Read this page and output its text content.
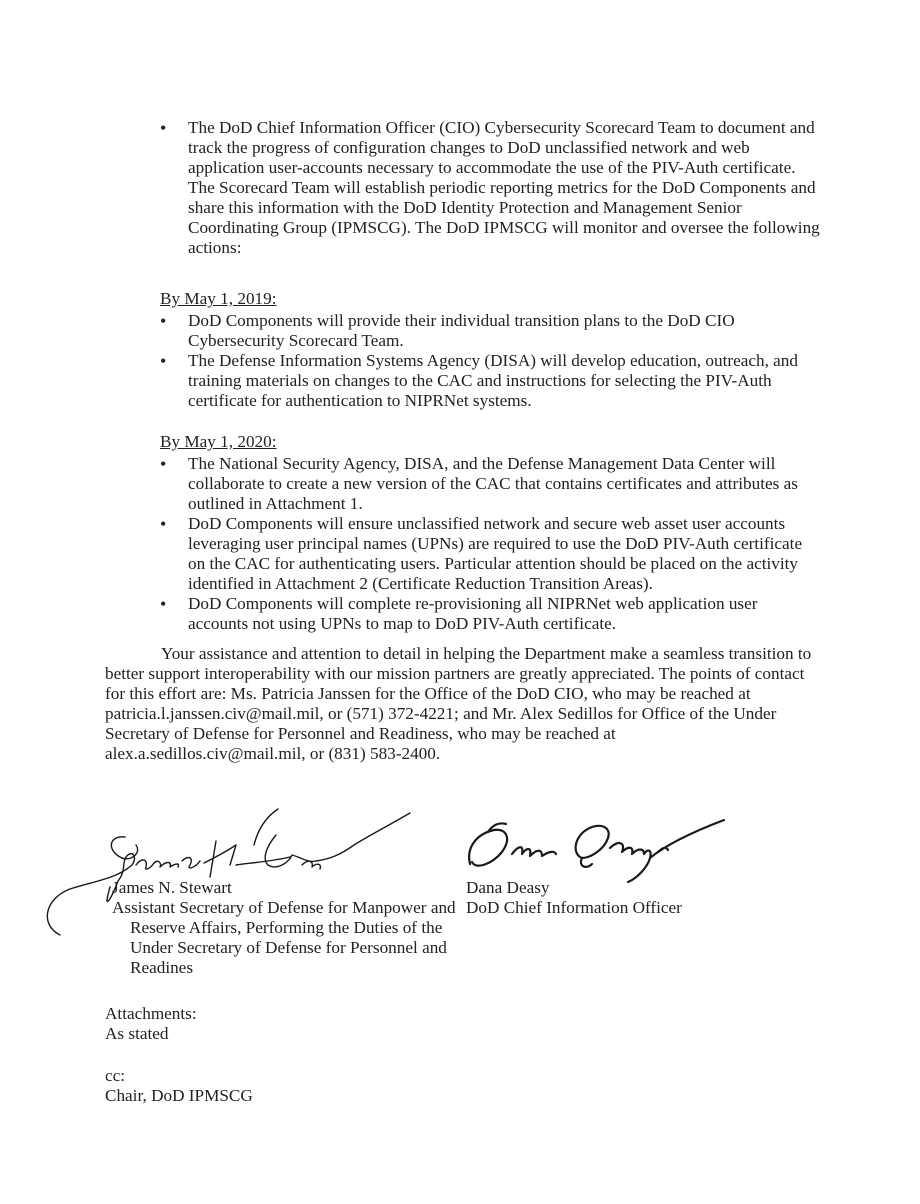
• The DoD Chief Information Officer (CIO) Cybersecurity Scorecard Team to document and track the progress of configuration changes to DoD unclassified network and web application user-accounts necessary to accommodate the use of the PIV-Auth certificate. The Scorecard Team will establish periodic reporting metrics for the DoD Components and share this information with the DoD Identity Protection and Management Senior Coordinating Group (IPMSCG). The DoD IPMSCG will monitor and oversee the following actions:

By May 1, 2019:

• DoD Components will provide their individual transition plans to the DoD CIO Cybersecurity Scorecard Team.
• The Defense Information Systems Agency (DISA) will develop education, outreach, and training materials on changes to the CAC and instructions for selecting the PIV-Auth certificate for authentication to NIPRNet systems.

By May 1, 2020:

• The National Security Agency, DISA, and the Defense Management Data Center will collaborate to create a new version of the CAC that contains certificates and attributes as outlined in Attachment 1.
• DoD Components will ensure unclassified network and secure web asset user accounts leveraging user principal names (UPNs) are required to use the DoD PIV-Auth certificate on the CAC for authenticating users. Particular attention should be placed on the activity identified in Attachment 2 (Certificate Reduction Transition Areas).
• DoD Components will complete re-provisioning all NIPRNet web application user accounts not using UPNs to map to DoD PIV-Auth certificate.

Your assistance and attention to detail in helping the Department make a seamless transition to better support interoperability with our mission partners are greatly appreciated. The points of contact for this effort are: Ms. Patricia Janssen for the Office of the DoD CIO, who may be reached at patricia.l.janssen.civ@mail.mil, or (571) 372-4221; and Mr. Alex Sedillos for Office of the Under Secretary of Defense for Personnel and Readiness, who may be reached at alex.a.sedillos.civ@mail.mil, or (831) 583-2400.

James N. Stewart

Assistant Secretary of Defense for Manpower and Reserve Affairs, Performing the Duties of the Under Secretary of Defense for Personnel and Readines

Dana Deasy

DoD Chief Information Officer

Attachments:

As stated

cc:

Chair, DoD IPMSCG
